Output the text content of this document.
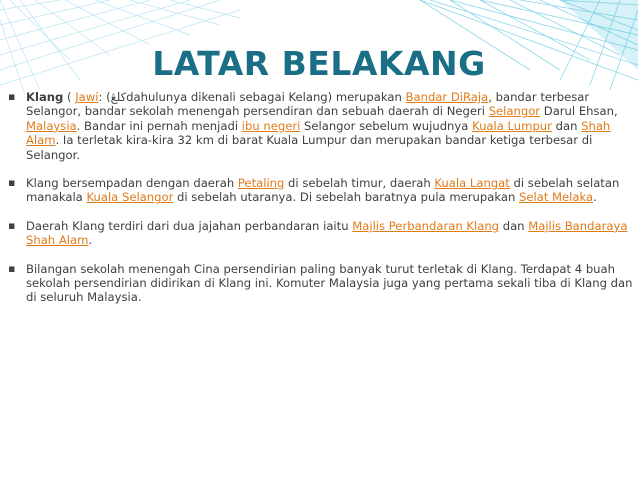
LATAR BELAKANG
▪ Klang ( Jawi: ‎(كلڠdahulunya dikenali sebagai Kelang) merupakan Bandar DiRaja, bandar terbesar Selangor, bandar sekolah menengah persendiran dan sebuah daerah di Negeri Selangor Darul Ehsan, Malaysia. Bandar ini pernah menjadi ibu negeri Selangor sebelum wujudnya Kuala Lumpur dan Shah Alam. Ia terletak kira-kira 32 km di barat Kuala Lumpur dan merupakan bandar ketiga terbesar di Selangor.
▪ Klang bersempadan dengan daerah Petaling di sebelah timur, daerah Kuala Langat di sebelah selatan manakala Kuala Selangor di sebelah utaranya. Di sebelah baratnya pula merupakan Selat Melaka.
▪ Daerah Klang terdiri dari dua jajahan perbandaran iaitu Majlis Perbandaran Klang dan Majlis Bandaraya Shah Alam.
▪ Bilangan sekolah menengah Cina persendirian paling banyak turut terletak di Klang. Terdapat 4 buah sekolah persendirian didirikan di Klang ini. Komuter Malaysia juga yang pertama sekali tiba di Klang dan di seluruh Malaysia.
